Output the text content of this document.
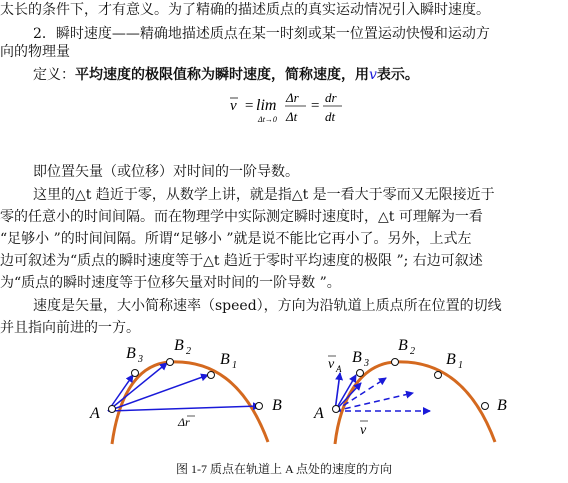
太长的条件下，才有意义。为了精确的描述质点的真实运动情况引入瞬时速度。
2．瞬时速度——精确地描述质点在某一时刻或某一位置运动快慢和运动方
向的物理量
定义：平均速度的极限值称为瞬时速度，简称速度，用v表示。
v = lim
Δt→0
Δr
Δt
=
dr
dt
即位置矢量（或位移）对时间的一阶导数。
这里的△t 趋近于零，从数学上讲，就是指△t 是一看大于零而又无限接近于
零的任意小的时间间隔。而在物理学中实际测定瞬时速度时，△t 可理解为一看
“足够小 ”的时间间隔。所谓“足够小 ”就是说不能比它再小了。另外，上式左
边可叙述为“质点的瞬时速度等于△t 趋近于零时平均速度的极限 ”; 右边可叙述
为“质点的瞬时速度等于位移矢量对时间的一阶导数 ”。
速度是矢量，大小简称速率（speed），方向为沿轨道上质点所在位置的切线
并且指向前进的一方。
A	B
B 1
B 2
B 3
Δr	A	B
B 1
B 2
B 3
v A
v
图 1-7 质点在轨道上 A 点处的速度的方向
